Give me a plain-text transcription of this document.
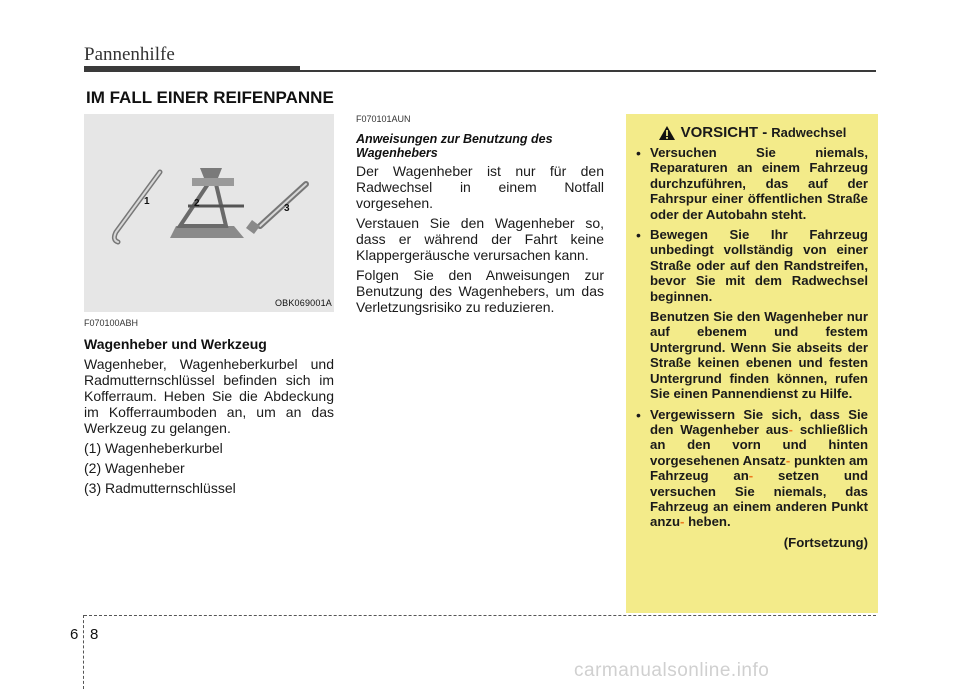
Pannenhilfe
IM FALL EINER REIFENPANNE
1	2	3
OBK069001A
F070100ABH
Wagenheber und Werkzeug

Wagenheber, Wagenheberkurbel und Radmutternschlüssel befinden sich im Kofferraum. Heben Sie die Abdeckung im Kofferraumboden an, um an das Werkzeug zu gelangen.

(1) Wagenheberkurbel
(2) Wagenheber
(3) Radmutternschlüssel
F070101AUN
Anweisungen zur Benutzung des Wagenhebers

Der Wagenheber ist nur für den Radwechsel in einem Notfall vorgesehen.

Verstauen Sie den Wagenheber so, dass er während der Fahrt keine Klappergeräusche verursachen kann.

Folgen Sie den Anweisungen zur Benutzung des Wagenhebers, um das Verletzungsrisiko zu reduzieren.

VORSICHT - Radwechsel

• Versuchen Sie niemals, Reparaturen an einem Fahrzeug durchzuführen, das auf der Fahrspur einer öffentlichen Straße oder der Autobahn steht.

• Bewegen Sie Ihr Fahrzeug unbedingt vollständig von einer Straße oder auf den Randstreifen, bevor Sie mit dem Radwechsel beginnen.

Benutzen Sie den Wagenheber nur auf ebenem und festem Untergrund. Wenn Sie abseits der Straße keinen ebenen und festen Untergrund finden können, rufen Sie einen Pannendienst zu Hilfe.

• Vergewissern Sie sich, dass Sie den Wagenheber aus- schließlich an den vorn und hinten vorgesehenen Ansatz- punkten am Fahrzeug an- setzen und versuchen Sie niemals, das Fahrzeug an einem anderen Punkt anzu- heben.

(Fortsetzung)
6 8
carmanualsonline.info
